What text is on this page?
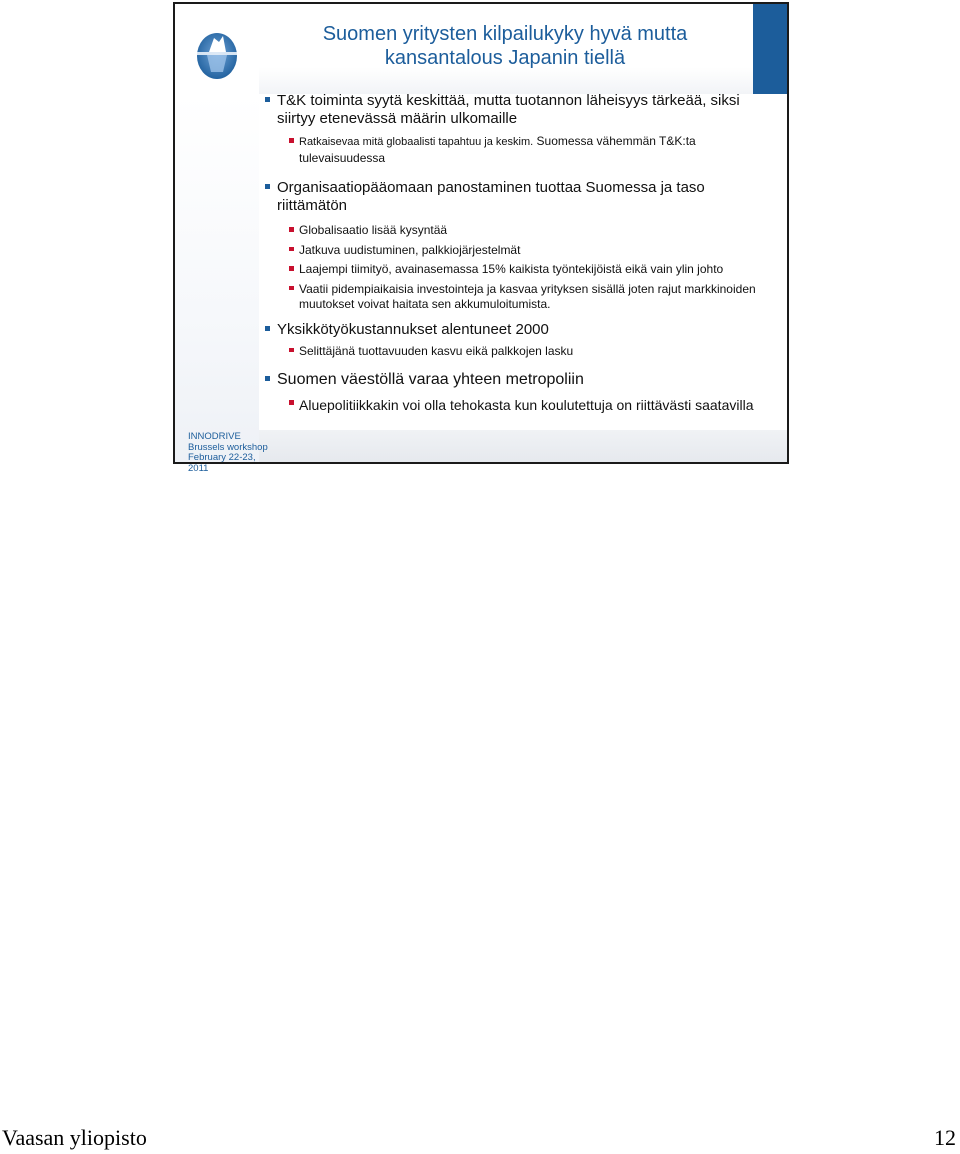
Suomen yritysten kilpailukyky hyvä mutta
kansantalous Japanin tiellä
T&K toiminta syytä keskittää, mutta tuotannon läheisyys tärkeää, siksi siirtyy etenevässä määrin ulkomaille
Ratkaisevaa mitä globaalisti tapahtuu ja keskim. Suomessa vähemmän T&K:ta tulevaisuudessa
Organisaatiopääomaan panostaminen tuottaa Suomessa ja taso riittämätön
Globalisaatio lisää kysyntää
Jatkuva uudistuminen, palkkiojärjestelmät
Laajempi tiimityö, avainasemassa 15% kaikista työntekijöistä eikä vain ylin johto
Vaatii pidempiaikaisia investointeja ja kasvaa yrityksen sisällä joten rajut markkinoiden muutokset voivat haitata sen akkumuloitumista.
Yksikkötyökustannukset alentuneet 2000
Selittäjänä tuottavuuden kasvu eikä palkkojen lasku
Suomen väestöllä varaa yhteen metropoliin
Aluepolitiikkakin voi olla tehokasta kun koulutettuja on riittävästi saatavilla
INNODRIVE
Brussels workshop
February 22-23, 2011
Vaasan yliopisto	12
